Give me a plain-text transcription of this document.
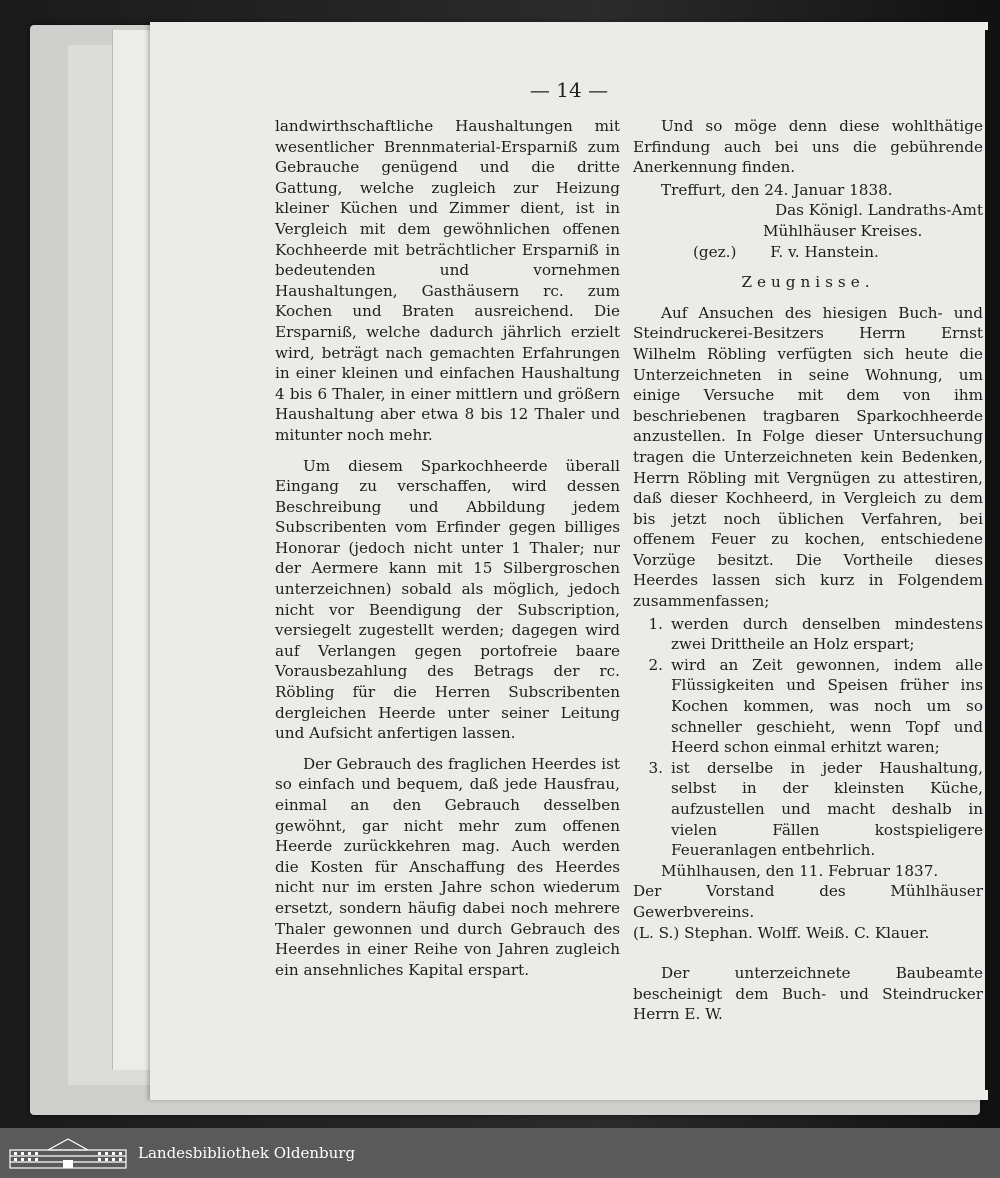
— 14 —

landwirthschaftliche Haushaltungen mit wesentlicher Brennmaterial-Ersparniß zum Gebrauche genügend und die dritte Gattung, welche zugleich zur Heizung kleiner Küchen und Zimmer dient, ist in Vergleich mit dem gewöhnlichen offenen Kochheerde mit beträchtlicher Ersparniß in bedeutenden und vornehmen Haushaltungen, Gasthäusern rc. zum Kochen und Braten ausreichend. Die Ersparniß, welche dadurch jährlich erzielt wird, beträgt nach gemachten Erfahrungen in einer kleinen und einfachen Haushaltung 4 bis 6 Thaler, in einer mittlern und größern Haushaltung aber etwa 8 bis 12 Thaler und mitunter noch mehr.

Um diesem Sparkochheerde überall Eingang zu verschaffen, wird dessen Beschreibung und Abbildung jedem Subscribenten vom Erfinder gegen billiges Honorar (jedoch nicht unter 1 Thaler; nur der Aermere kann mit 15 Silbergroschen unterzeichnen) sobald als möglich, jedoch nicht vor Beendigung der Subscription, versiegelt zugestellt werden; dagegen wird auf Verlangen gegen portofreie baare Vorausbezahlung des Betrags der rc. Röbling für die Herren Subscribenten dergleichen Heerde unter seiner Leitung und Aufsicht anfertigen lassen.

Der Gebrauch des fraglichen Heerdes ist so einfach und bequem, daß jede Hausfrau, einmal an den Gebrauch desselben gewöhnt, gar nicht mehr zum offenen Heerde zurückkehren mag. Auch werden die Kosten für Anschaffung des Heerdes nicht nur im ersten Jahre schon wiederum ersetzt, sondern häufig dabei noch mehrere Thaler gewonnen und durch Gebrauch des Heerdes in einer Reihe von Jahren zugleich ein ansehnliches Kapital erspart.

Und so möge denn diese wohlthätige Erfindung auch bei uns die gebührende Anerkennung finden.

Treffurt, den 24. Januar 1838.

Das Königl. Landraths-Amt

Mühlhäuser Kreises.

(gez.) F. v. Hanstein.

Zeugnisse.

Auf Ansuchen des hiesigen Buch- und Steindruckerei-Besitzers Herrn Ernst Wilhelm Röbling verfügten sich heute die Unterzeichneten in seine Wohnung, um einige Versuche mit dem von ihm beschriebenen tragbaren Sparkochheerde anzustellen. In Folge dieser Untersuchung tragen die Unterzeichneten kein Bedenken, Herrn Röbling mit Vergnügen zu attestiren, daß dieser Kochheerd, in Vergleich zu dem bis jetzt noch üblichen Verfahren, bei offenem Feuer zu kochen, entschiedene Vorzüge besitzt. Die Vortheile dieses Heerdes lassen sich kurz in Folgendem zusammenfassen;

1. werden durch denselben mindestens zwei Drittheile an Holz erspart;
2. wird an Zeit gewonnen, indem alle Flüssigkeiten und Speisen früher ins Kochen kommen, was noch um so schneller geschieht, wenn Topf und Heerd schon einmal erhitzt waren;
3. ist derselbe in jeder Haushaltung, selbst in der kleinsten Küche, aufzustellen und macht deshalb in vielen Fällen kostspieligere Feueranlagen entbehrlich.

Mühlhausen, den 11. Februar 1837.

Der Vorstand des Mühlhäuser Gewerbvereins.

(L. S.) Stephan. Wolff. Weiß. C. Klauer.

Der unterzeichnete Baubeamte bescheinigt dem Buch- und Steindrucker Herrn E. W.

Landesbibliothek Oldenburg
